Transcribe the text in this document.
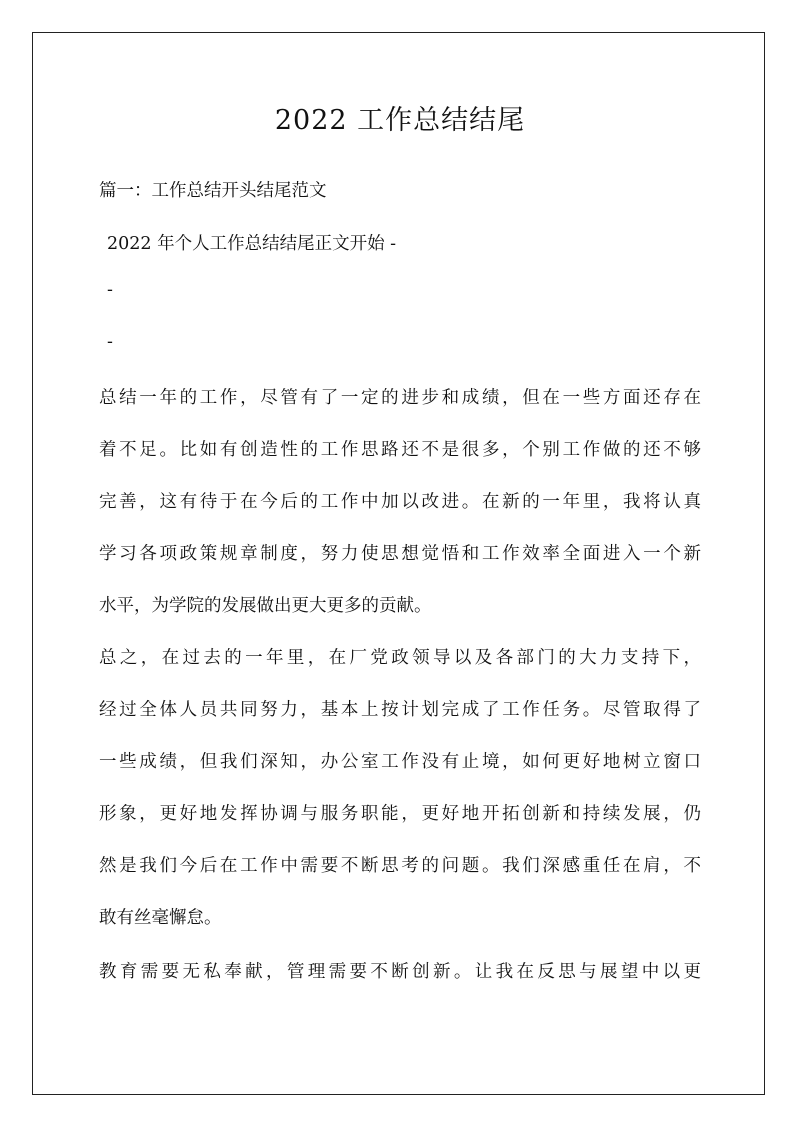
2022 工作总结结尾
篇一：工作总结开头结尾范文
2022 年个人工作总结结尾正文开始 -
-
-
总结一年的工作，尽管有了一定的进步和成绩，但在一些方面还存在
着不足。比如有创造性的工作思路还不是很多，个别工作做的还不够
完善，这有待于在今后的工作中加以改进。在新的一年里，我将认真
学习各项政策规章制度，努力使思想觉悟和工作效率全面进入一个新
水平，为学院的发展做出更大更多的贡献。
总之，在过去的一年里，在厂党政领导以及各部门的大力支持下，
经过全体人员共同努力，基本上按计划完成了工作任务。尽管取得了
一些成绩，但我们深知，办公室工作没有止境，如何更好地树立窗口
形象，更好地发挥协调与服务职能，更好地开拓创新和持续发展，仍
然是我们今后在工作中需要不断思考的问题。我们深感重任在肩，不
敢有丝毫懈怠。
教育需要无私奉献，管理需要不断创新。让我在反思与展望中以更
